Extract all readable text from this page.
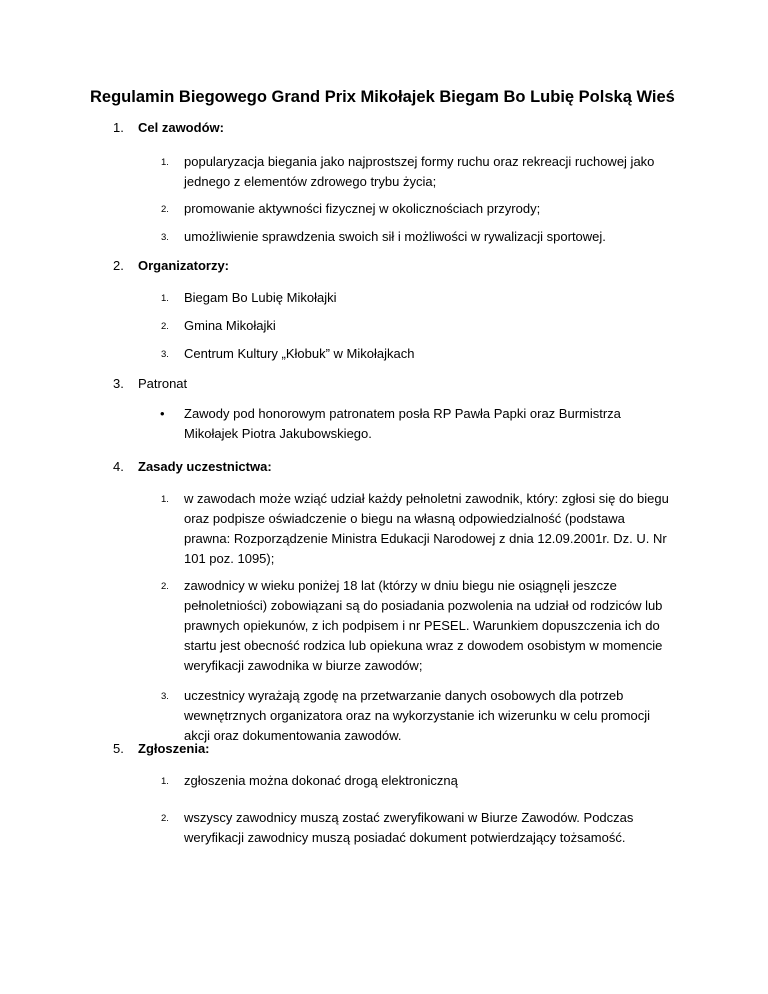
Regulamin Biegowego Grand Prix Mikołajek Biegam Bo Lubię Polską Wieś
1. Cel zawodów:
1. popularyzacja biegania jako najprostszej formy ruchu oraz rekreacji ruchowej jako jednego z elementów zdrowego trybu życia;
2. promowanie aktywności fizycznej w okolicznościach przyrody;
3. umożliwienie sprawdzenia swoich sił i możliwości w rywalizacji sportowej.
2. Organizatorzy:
1. Biegam Bo Lubię Mikołajki
2. Gmina Mikołajki
3. Centrum Kultury „Kłobuk” w Mikołajkach
3. Patronat
• Zawody pod honorowym patronatem posła RP Pawła Papki oraz Burmistrza Mikołajek Piotra Jakubowskiego.
4. Zasady uczestnictwa:
1. w zawodach może wziąć udział każdy pełnoletni zawodnik, który: zgłosi się do biegu oraz podpisze oświadczenie o biegu na własną odpowiedzialność (podstawa prawna: Rozporządzenie Ministra Edukacji Narodowej z dnia 12.09.2001r. Dz. U. Nr 101 poz. 1095);
2. zawodnicy w wieku poniżej 18 lat (którzy w dniu biegu nie osiągnęli jeszcze pełnoletniości) zobowiązani są do posiadania pozwolenia na udział od rodziców lub prawnych opiekunów, z ich podpisem i nr PESEL. Warunkiem dopuszczenia ich do startu jest obecność rodzica lub opiekuna wraz z dowodem osobistym w momencie weryfikacji zawodnika w biurze zawodów;
3. uczestnicy wyrażają zgodę na przetwarzanie danych osobowych dla potrzeb wewnętrznych organizatora oraz na wykorzystanie ich wizerunku w celu promocji akcji oraz dokumentowania zawodów.
5. Zgłoszenia:
1. zgłoszenia można dokonać drogą elektroniczną
2. wszyscy zawodnicy muszą zostać zweryfikowani w Biurze Zawodów. Podczas weryfikacji zawodnicy muszą posiadać dokument potwierdzający tożsamość.
